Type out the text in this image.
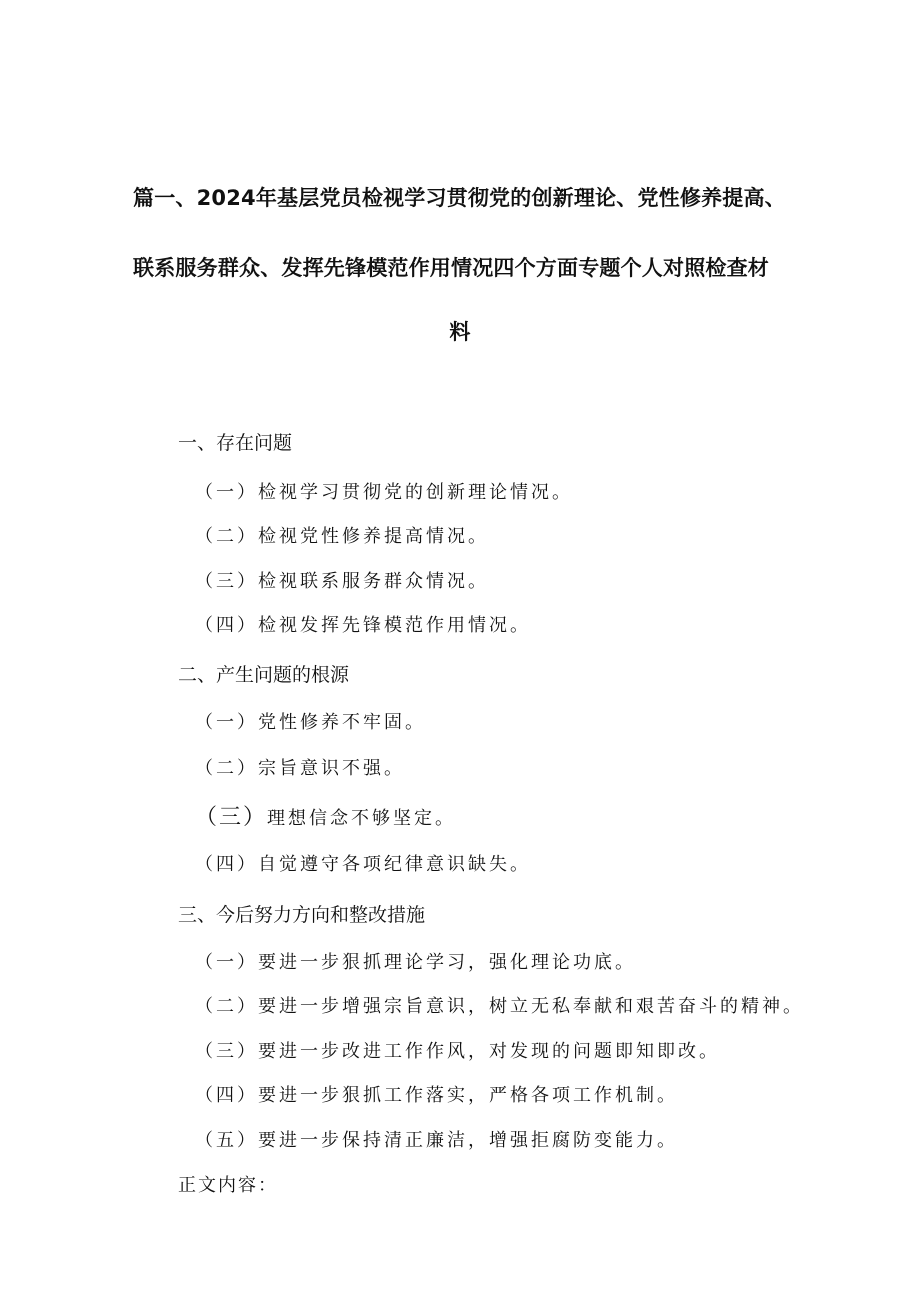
篇一、2024年基层党员检视学习贯彻党的创新理论、党性修养提高、
联系服务群众、发挥先锋模范作用情况四个方面专题个人对照检查材
料
一、存在问题
（一）检视学习贯彻党的创新理论情况。
（二）检视党性修养提高情况。
（三）检视联系服务群众情况。
（四）检视发挥先锋模范作用情况。
二、产生问题的根源
（一）党性修养不牢固。
（二）宗旨意识不强。
（三）理想信念不够坚定。
（四）自觉遵守各项纪律意识缺失。
三、今后努力方向和整改措施
（一）要进一步狠抓理论学习，强化理论功底。
（二）要进一步增强宗旨意识，树立无私奉献和艰苦奋斗的精神。
（三）要进一步改进工作作风，对发现的问题即知即改。
（四）要进一步狠抓工作落实，严格各项工作机制。
（五）要进一步保持清正廉洁，增强拒腐防变能力。
正文内容：
